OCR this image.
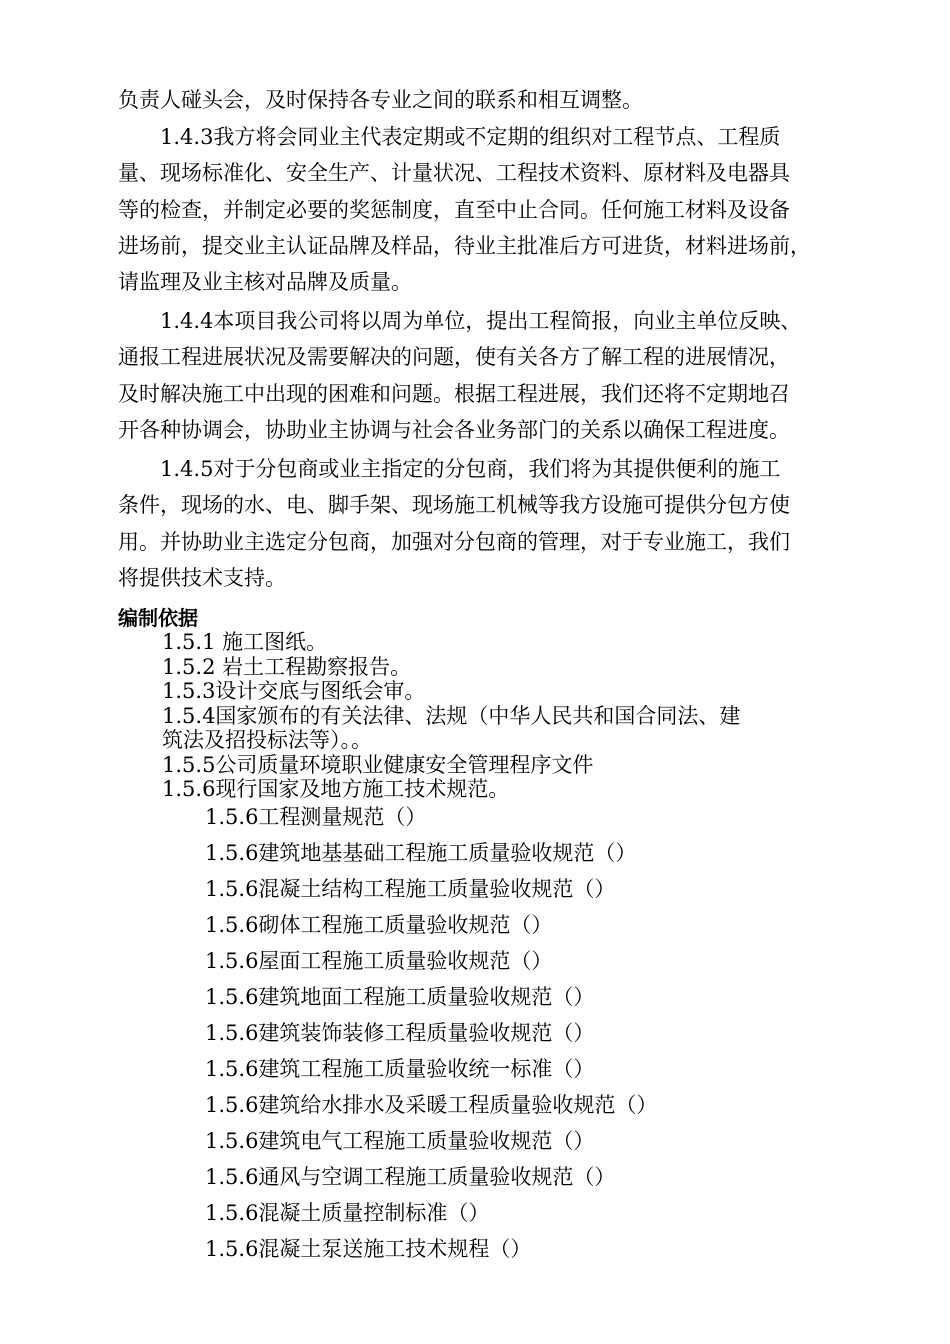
负责人碰头会，及时保持各专业之间的联系和相互调整。

1.4.3我方将会同业主代表定期或不定期的组织对工程节点、工程质
量、现场标准化、安全生产、计量状况、工程技术资料、原材料及电器具
等的检查，并制定必要的奖惩制度，直至中止合同。任何施工材料及设备
进场前，提交业主认证品牌及样品，待业主批准后方可进货，材料进场前，
请监理及业主核对品牌及质量。

1.4.4本项目我公司将以周为单位，提出工程简报，向业主单位反映、
通报工程进展状况及需要解决的问题，使有关各方了解工程的进展情况，
及时解决施工中出现的困难和问题。根据工程进展，我们还将不定期地召
开各种协调会，协助业主协调与社会各业务部门的关系以确保工程进度。

1.4.5对于分包商或业主指定的分包商，我们将为其提供便利的施工
条件，现场的水、电、脚手架、现场施工机械等我方设施可提供分包方使
用。并协助业主选定分包商，加强对分包商的管理，对于专业施工，我们
将提供技术支持。

编制依据
1.5.1 施工图纸。
1.5.2 岩土工程勘察报告。
1.5.3设计交底与图纸会审。
1.5.4国家颁布的有关法律、法规（中华人民共和国合同法、建
筑法及招投标法等）。。
1.5.5公司质量环境职业健康安全管理程序文件
1.5.6现行国家及地方施工技术规范。
1.5.6工程测量规范（）
1.5.6建筑地基基础工程施工质量验收规范（）
1.5.6混凝土结构工程施工质量验收规范（）
1.5.6砌体工程施工质量验收规范（）
1.5.6屋面工程施工质量验收规范（）
1.5.6建筑地面工程施工质量验收规范（）
1.5.6建筑装饰装修工程质量验收规范（）
1.5.6建筑工程施工质量验收统一标准（）
1.5.6建筑给水排水及采暖工程质量验收规范（）
1.5.6建筑电气工程施工质量验收规范（）
1.5.6通风与空调工程施工质量验收规范（）
1.5.6混凝土质量控制标准（）
1.5.6混凝土泵送施工技术规程（）
